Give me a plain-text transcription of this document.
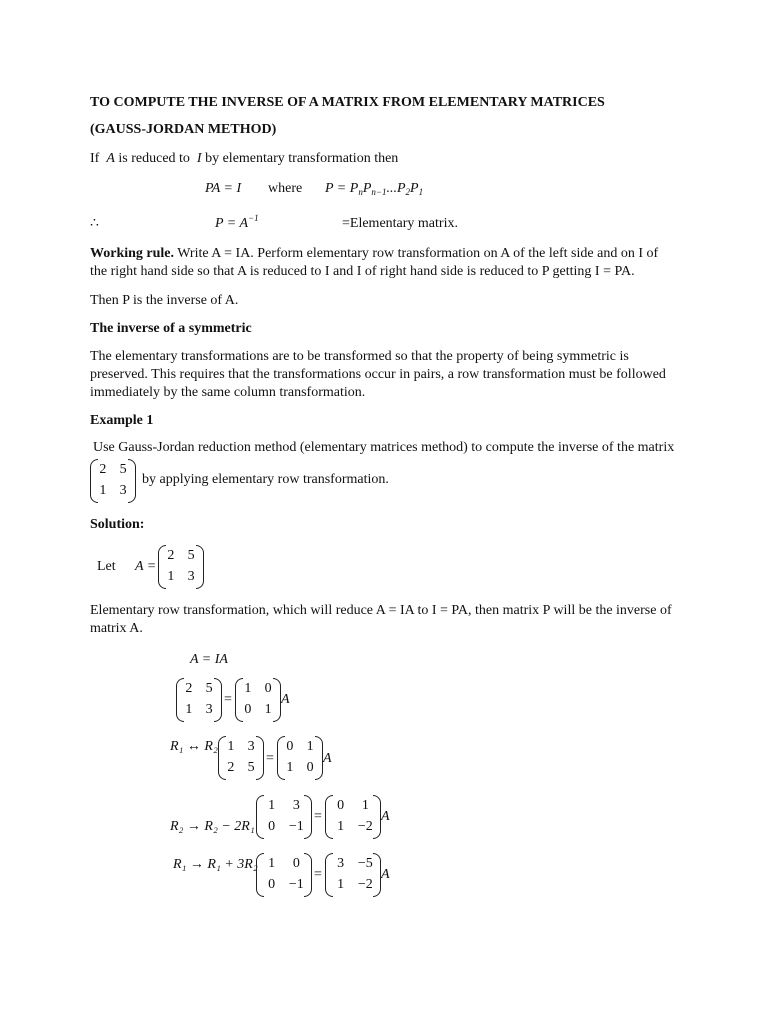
TO COMPUTE THE INVERSE OF A MATRIX FROM ELEMENTARY MATRICES
(GAUSS-JORDAN METHOD)
If A is reduced to I by elementary transformation then
PA = I where $P = P_nP_{n-1}...P_2P_1$
∴	$P = A^{-1}$	=Elementary matrix.
Working rule. Write A = IA. Perform elementary row transformation on A of the left side and on I of
the right hand side so that A is reduced to I and I of right hand side is reduced to P getting I = PA.
Then P is the inverse of A.
The inverse of a symmetric
The elementary transformations are to be transformed so that the property of being symmetric is preserved. This requires that the transformations occur in pairs, a row transformation must be followed immediately by the same column transformation.
Example 1
Use Gauss-Jordan reduction method (elementary matrices method) to compute the inverse of the matrix
2 5
1 3
by applying elementary row transformation.
Solution:
Let A =
2 5
1 3
Elementary row transformation, which will reduce A = IA to I = PA, then matrix P will be the inverse of matrix A.
A = IA
2 5
1 3
=
1 0
0 1
A
R₁ ↔ R₂ 1 3
2 5
=
0 1
1 0
A
R₂ → R₂ − 2R₁
1	3
0 −1
=
0	1
1 −2
A
R₁ → R₁ + 3R₂ 1	0
0 −1
=
3 −5
1 −2
A
